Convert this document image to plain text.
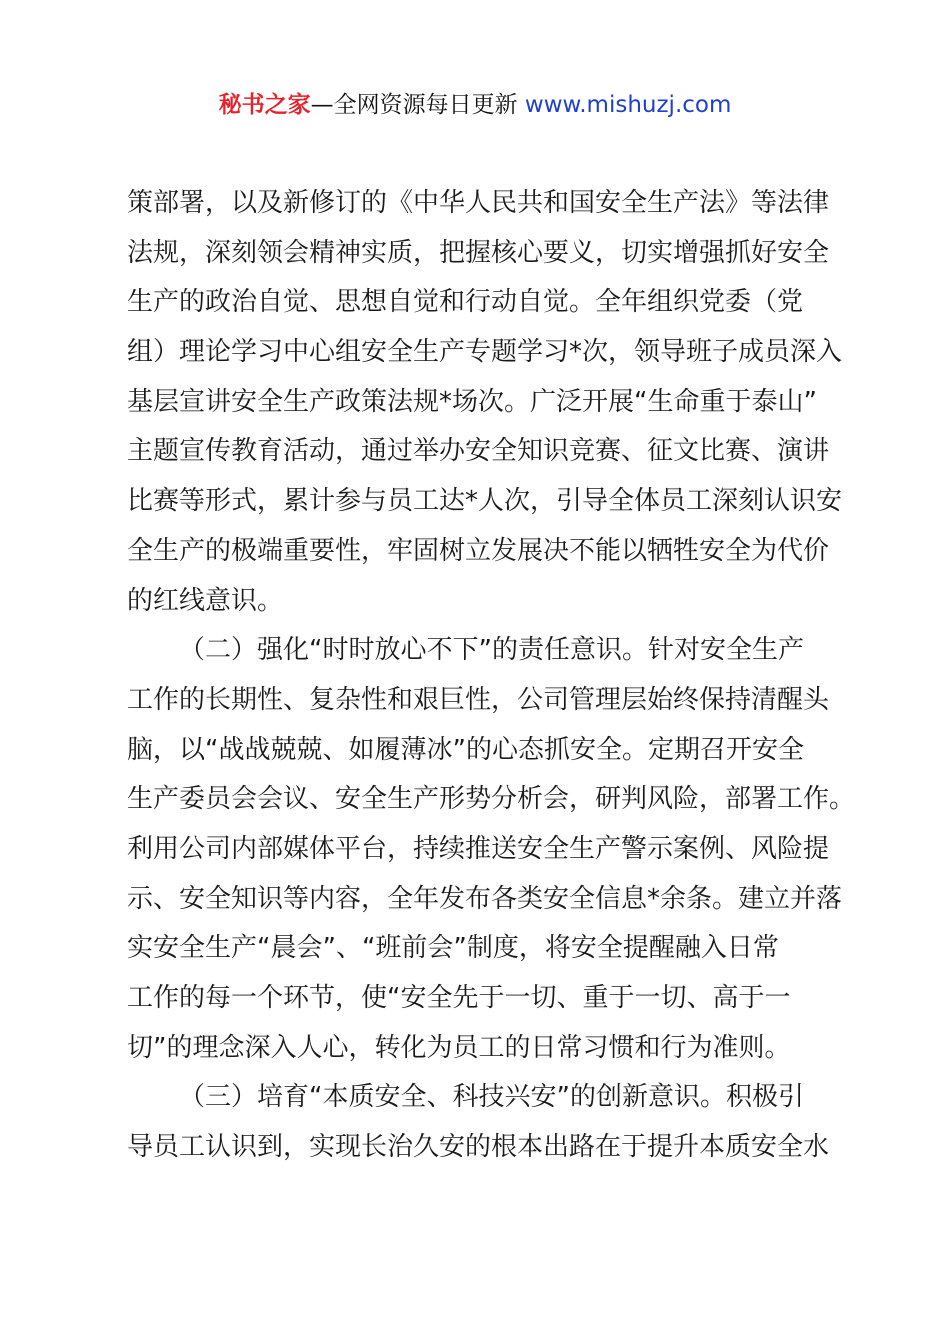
秘书之家—全网资源每日更新 www.mishuzj.com
策部署，以及新修订的《中华人民共和国安全生产法》等法律
法规，深刻领会精神实质，把握核心要义，切实增强抓好安全
生产的政治自觉、思想自觉和行动自觉。全年组织党委（党
组）理论学习中心组安全生产专题学习*次，领导班子成员深入
基层宣讲安全生产政策法规*场次。广泛开展“生命重于泰山”
主题宣传教育活动，通过举办安全知识竞赛、征文比赛、演讲
比赛等形式，累计参与员工达*人次，引导全体员工深刻认识安
全生产的极端重要性，牢固树立发展决不能以牺牲安全为代价
的红线意识。
（二）强化“时时放心不下”的责任意识。针对安全生产
工作的长期性、复杂性和艰巨性，公司管理层始终保持清醒头
脑，以“战战兢兢、如履薄冰”的心态抓安全。定期召开安全
生产委员会会议、安全生产形势分析会，研判风险，部署工作。
利用公司内部媒体平台，持续推送安全生产警示案例、风险提
示、安全知识等内容，全年发布各类安全信息*余条。建立并落
实安全生产“晨会”、“班前会”制度，将安全提醒融入日常
工作的每一个环节，使“安全先于一切、重于一切、高于一
切”的理念深入人心，转化为员工的日常习惯和行为准则。
（三）培育“本质安全、科技兴安”的创新意识。积极引
导员工认识到，实现长治久安的根本出路在于提升本质安全水
